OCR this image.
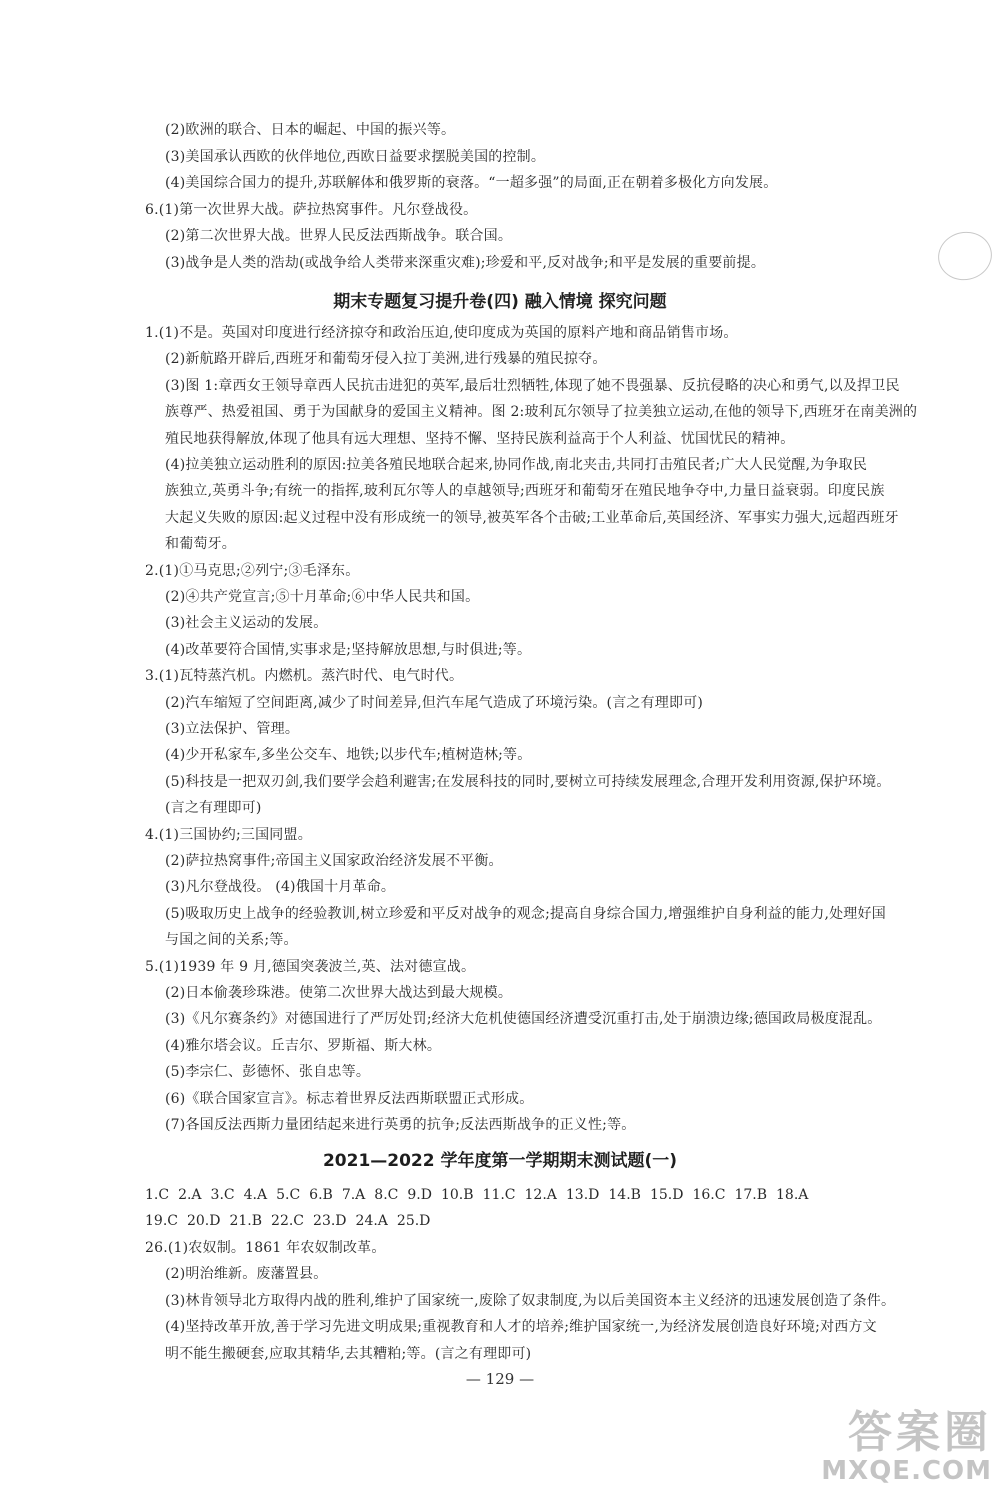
(2)欧洲的联合、日本的崛起、中国的振兴等。
(3)美国承认西欧的伙伴地位,西欧日益要求摆脱美国的控制。
(4)美国综合国力的提升,苏联解体和俄罗斯的衰落。“一超多强”的局面,正在朝着多极化方向发展。
6.(1)第一次世界大战。萨拉热窝事件。凡尔登战役。
(2)第二次世界大战。世界人民反法西斯战争。联合国。
(3)战争是人类的浩劫(或战争给人类带来深重灾难);珍爱和平,反对战争;和平是发展的重要前提。
期末专题复习提升卷(四) 融入情境 探究问题
1.(1)不是。英国对印度进行经济掠夺和政治压迫,使印度成为英国的原料产地和商品销售市场。
(2)新航路开辟后,西班牙和葡萄牙侵入拉丁美洲,进行残暴的殖民掠夺。
(3)图 1:章西女王领导章西人民抗击进犯的英军,最后壮烈牺牲,体现了她不畏强暴、反抗侵略的决心和勇气,以及捍卫民
族尊严、热爱祖国、勇于为国献身的爱国主义精神。图 2:玻利瓦尔领导了拉美独立运动,在他的领导下,西班牙在南美洲的
殖民地获得解放,体现了他具有远大理想、坚持不懈、坚持民族利益高于个人利益、忧国忧民的精神。
(4)拉美独立运动胜利的原因:拉美各殖民地联合起来,协同作战,南北夹击,共同打击殖民者;广大人民觉醒,为争取民
族独立,英勇斗争;有统一的指挥,玻利瓦尔等人的卓越领导;西班牙和葡萄牙在殖民地争夺中,力量日益衰弱。印度民族
大起义失败的原因:起义过程中没有形成统一的领导,被英军各个击破;工业革命后,英国经济、军事实力强大,远超西班牙
和葡萄牙。
2.(1)①马克思;②列宁;③毛泽东。
(2)④共产党宣言;⑤十月革命;⑥中华人民共和国。
(3)社会主义运动的发展。
(4)改革要符合国情,实事求是;坚持解放思想,与时俱进;等。
3.(1)瓦特蒸汽机。内燃机。蒸汽时代、电气时代。
(2)汽车缩短了空间距离,减少了时间差异,但汽车尾气造成了环境污染。(言之有理即可)
(3)立法保护、管理。
(4)少开私家车,多坐公交车、地铁;以步代车;植树造林;等。
(5)科技是一把双刃剑,我们要学会趋利避害;在发展科技的同时,要树立可持续发展理念,合理开发利用资源,保护环境。
(言之有理即可)
4.(1)三国协约;三国同盟。
(2)萨拉热窝事件;帝国主义国家政治经济发展不平衡。
(3)凡尔登战役。 (4)俄国十月革命。
(5)吸取历史上战争的经验教训,树立珍爱和平反对战争的观念;提高自身综合国力,增强维护自身利益的能力,处理好国
与国之间的关系;等。
5.(1)1939 年 9 月,德国突袭波兰,英、法对德宣战。
(2)日本偷袭珍珠港。使第二次世界大战达到最大规模。
(3)《凡尔赛条约》对德国进行了严厉处罚;经济大危机使德国经济遭受沉重打击,处于崩溃边缘;德国政局极度混乱。
(4)雅尔塔会议。丘吉尔、罗斯福、斯大林。
(5)李宗仁、彭德怀、张自忠等。
(6)《联合国家宣言》。标志着世界反法西斯联盟正式形成。
(7)各国反法西斯力量团结起来进行英勇的抗争;反法西斯战争的正义性;等。
2021—2022 学年度第一学期期末测试题(一)
1.C 2.A 3.C 4.A 5.C 6.B 7.A 8.C 9.D 10.B 11.C 12.A 13.D 14.B 15.D 16.C 17.B 18.A
19.C 20.D 21.B 22.C 23.D 24.A 25.D
26.(1)农奴制。1861 年农奴制改革。
(2)明治维新。废藩置县。
(3)林肯领导北方取得内战的胜利,维护了国家统一,废除了奴隶制度,为以后美国资本主义经济的迅速发展创造了条件。
(4)坚持改革开放,善于学习先进文明成果;重视教育和人才的培养;维护国家统一,为经济发展创造良好环境;对西方文
明不能生搬硬套,应取其精华,去其糟粕;等。(言之有理即可)
— 129 —
答案圈
MXQE.COM
